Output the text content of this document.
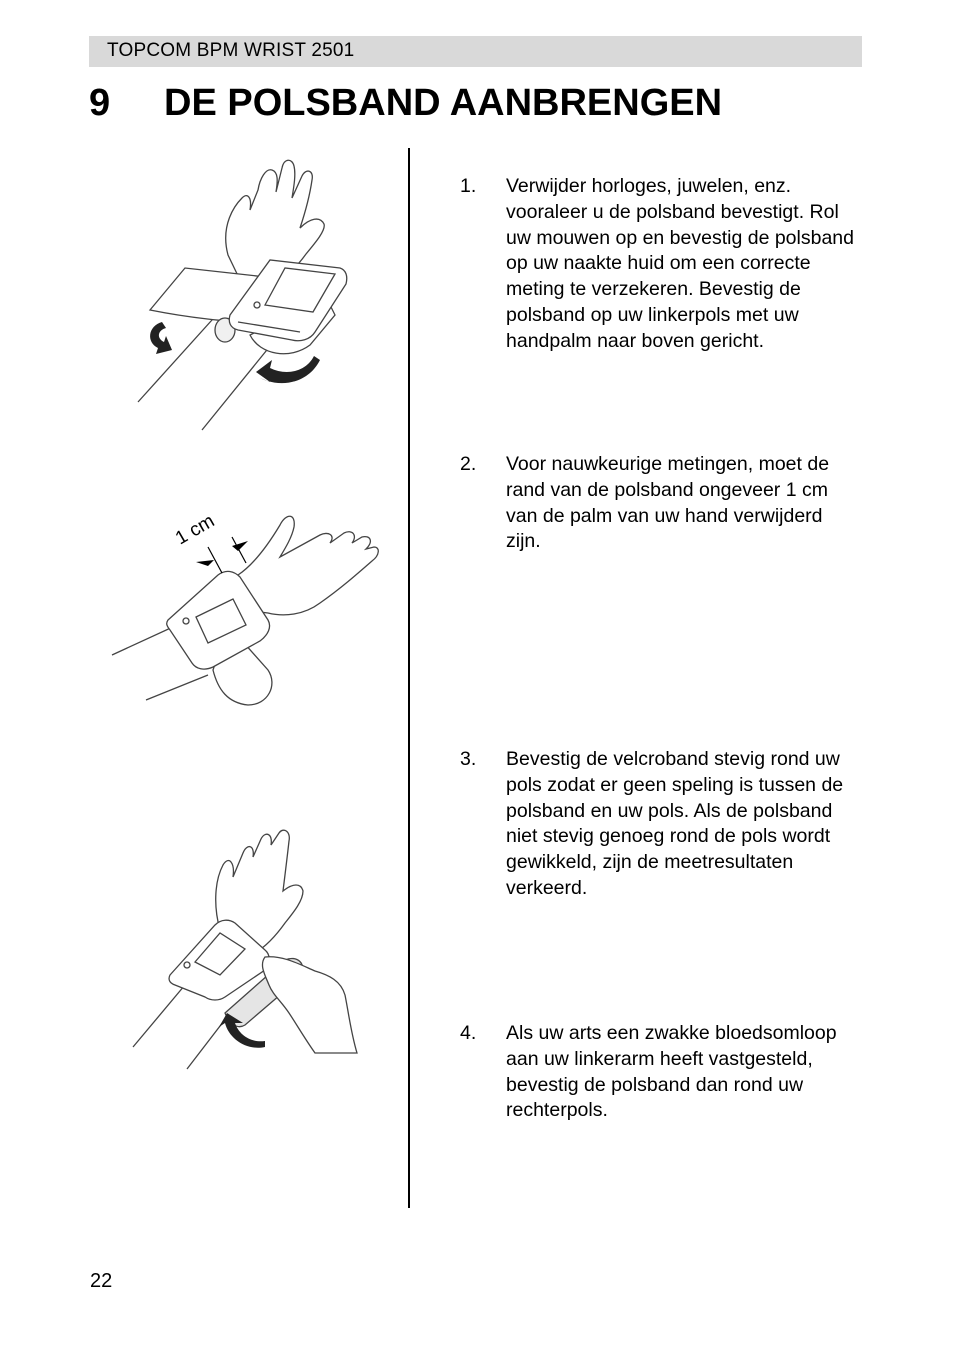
TOPCOM BPM WRIST 2501
9 DE POLSBAND AANBRENGEN
1 cm
1. Verwijder horloges, juwelen, enz. vooraleer u de polsband bevestigt. Rol uw mouwen op en bevestig de polsband op uw naakte huid om een correcte meting te verzekeren. Bevestig de polsband op uw linkerpols met uw handpalm naar boven gericht.
2. Voor nauwkeurige metingen, moet de rand van de polsband ongeveer 1 cm van de palm van uw hand verwijderd zijn.
3. Bevestig de velcroband stevig rond uw pols zodat er geen speling is tussen de polsband en uw pols. Als de polsband niet stevig genoeg rond de pols wordt gewikkeld, zijn de meetresultaten verkeerd.
4. Als uw arts een zwakke bloedsomloop aan uw linkerarm heeft vastgesteld, bevestig de polsband dan rond uw rechterpols.
22
